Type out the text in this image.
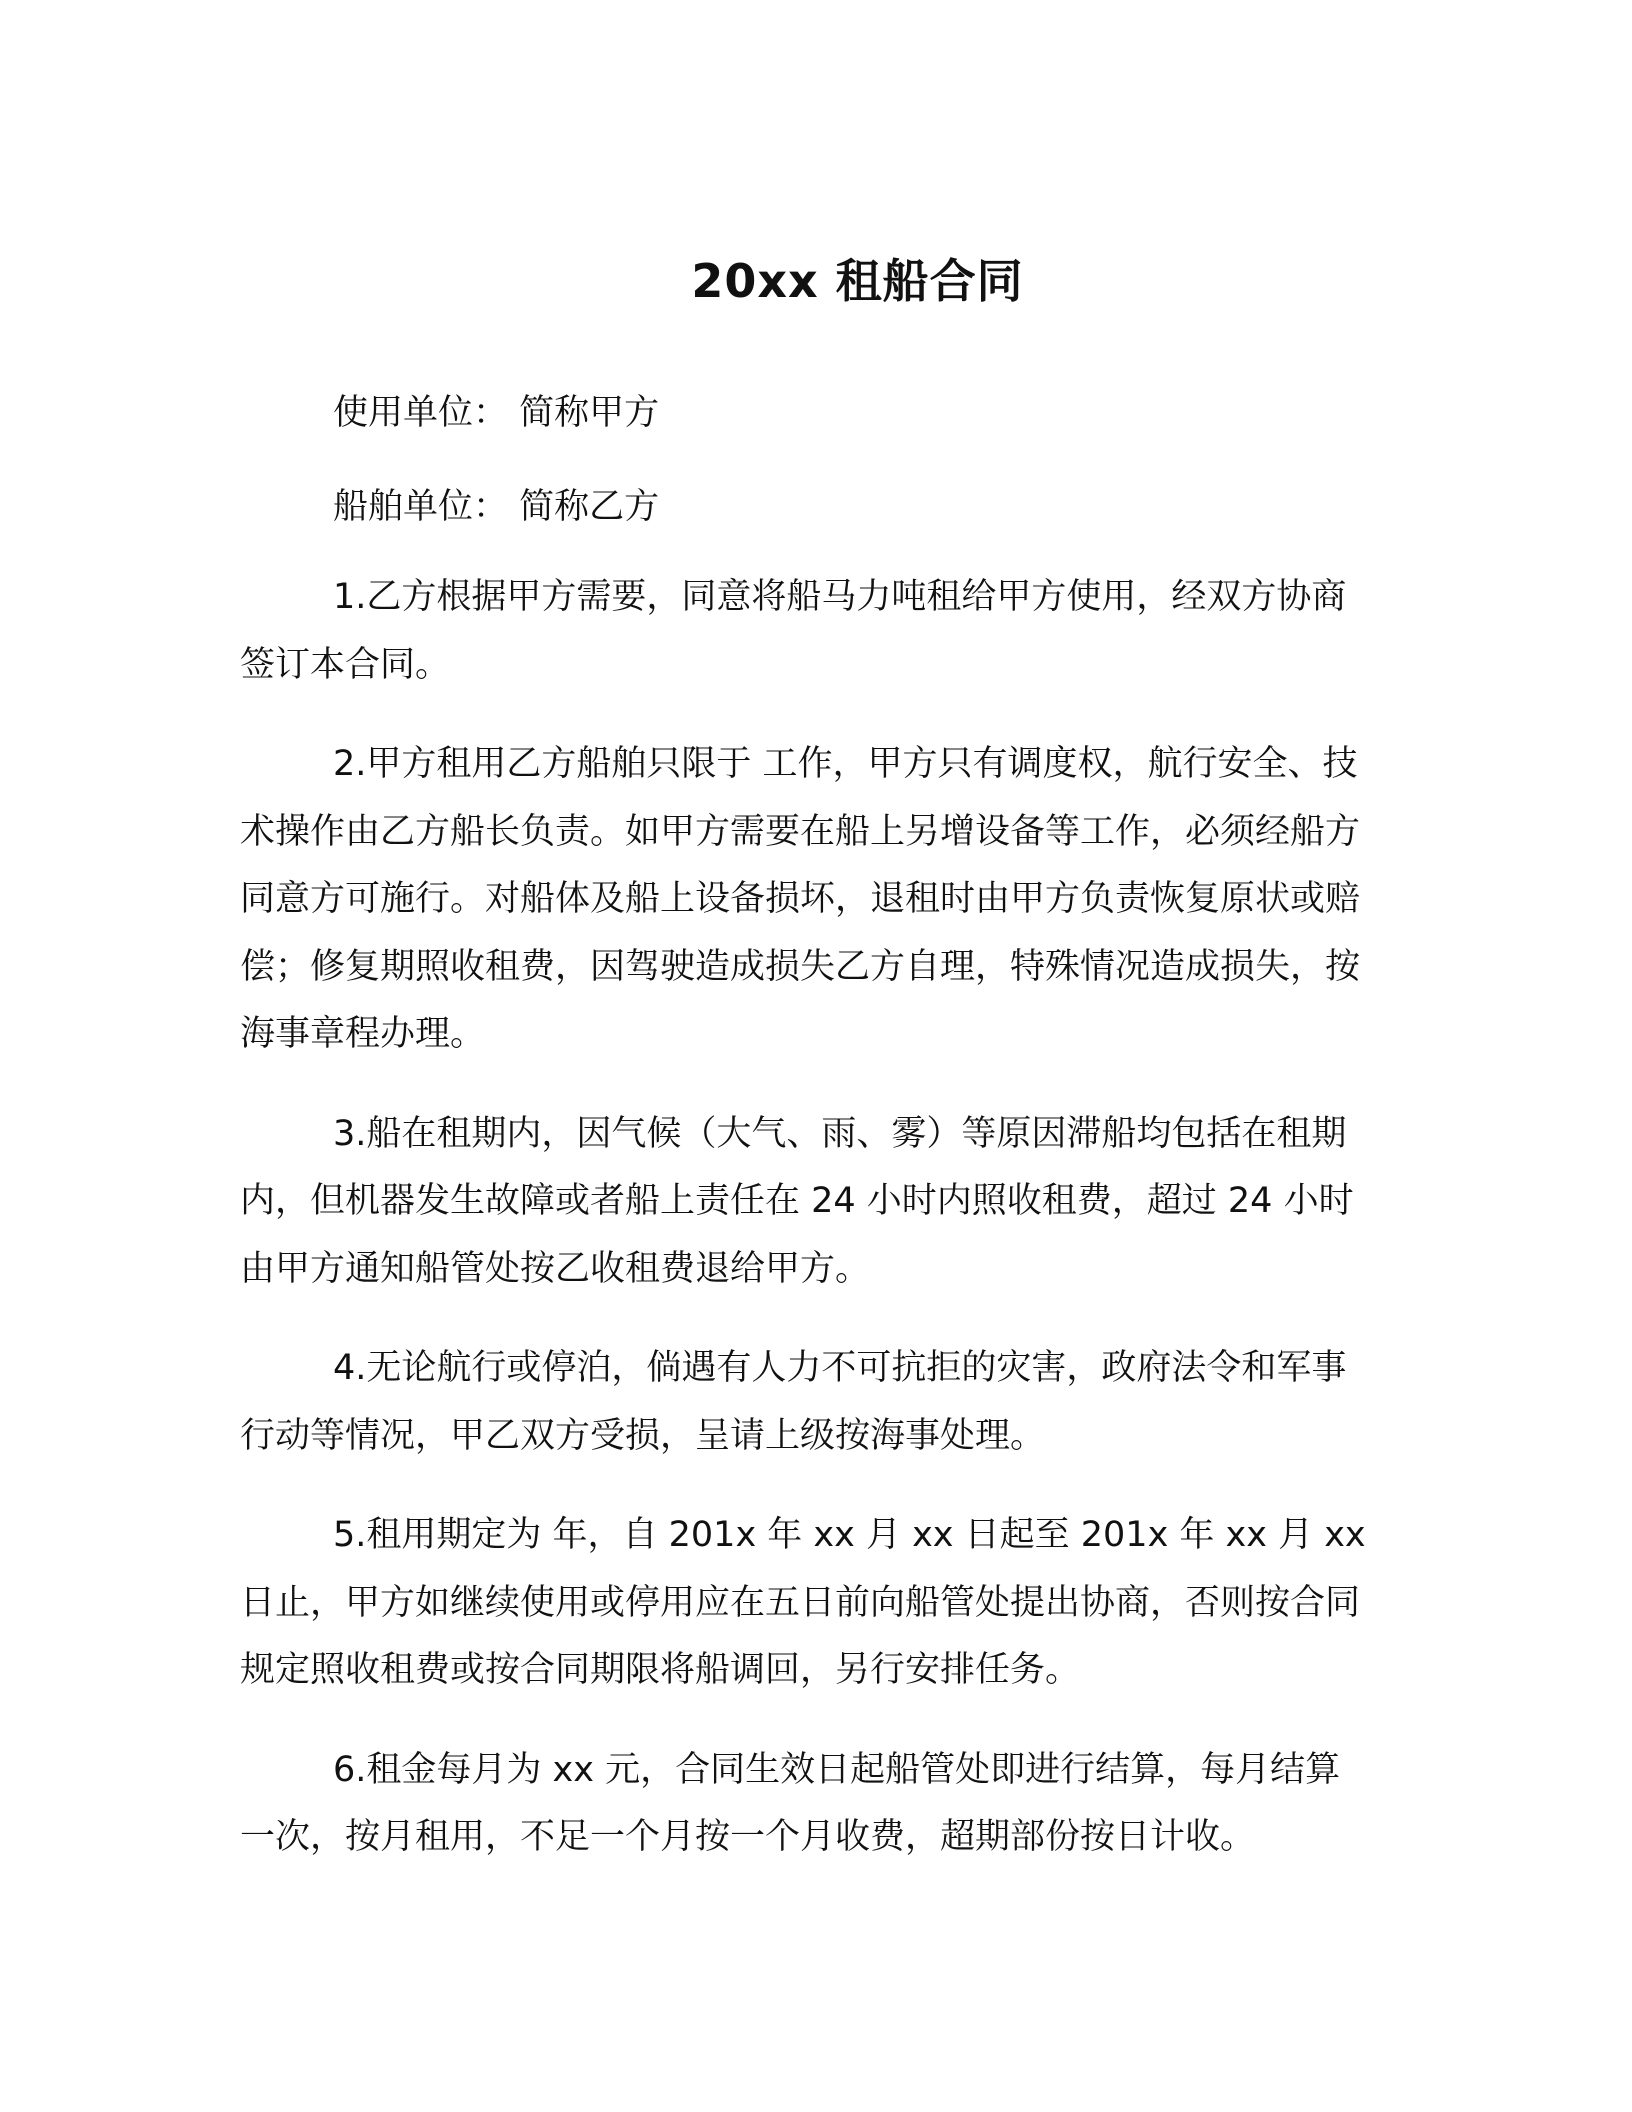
20xx 租船合同

使用单位： 简称甲方

船舶单位： 简称乙方

1.乙方根据甲方需要，同意将船马力吨租给甲方使用，经双方协商签订本合同。

2.甲方租用乙方船舶只限于 工作，甲方只有调度权，航行安全、技术操作由乙方船长负责。如甲方需要在船上另增设备等工作，必须经船方同意方可施行。对船体及船上设备损坏，退租时由甲方负责恢复原状或赔偿；修复期照收租费，因驾驶造成损失乙方自理，特殊情况造成损失，按海事章程办理。

3.船在租期内，因气候（大气、雨、雾）等原因滞船均包括在租期内，但机器发生故障或者船上责任在 24 小时内照收租费，超过 24 小时由甲方通知船管处按乙收租费退给甲方。

4.无论航行或停泊，倘遇有人力不可抗拒的灾害，政府法令和军事行动等情况，甲乙双方受损，呈请上级按海事处理。

5.租用期定为 年，自 201x 年 xx 月 xx 日起至 201x 年 xx 月 xx 日止，甲方如继续使用或停用应在五日前向船管处提出协商，否则按合同规定照收租费或按合同期限将船调回，另行安排任务。

6.租金每月为 xx 元，合同生效日起船管处即进行结算，每月结算一次，按月租用，不足一个月按一个月收费，超期部份按日计收。
